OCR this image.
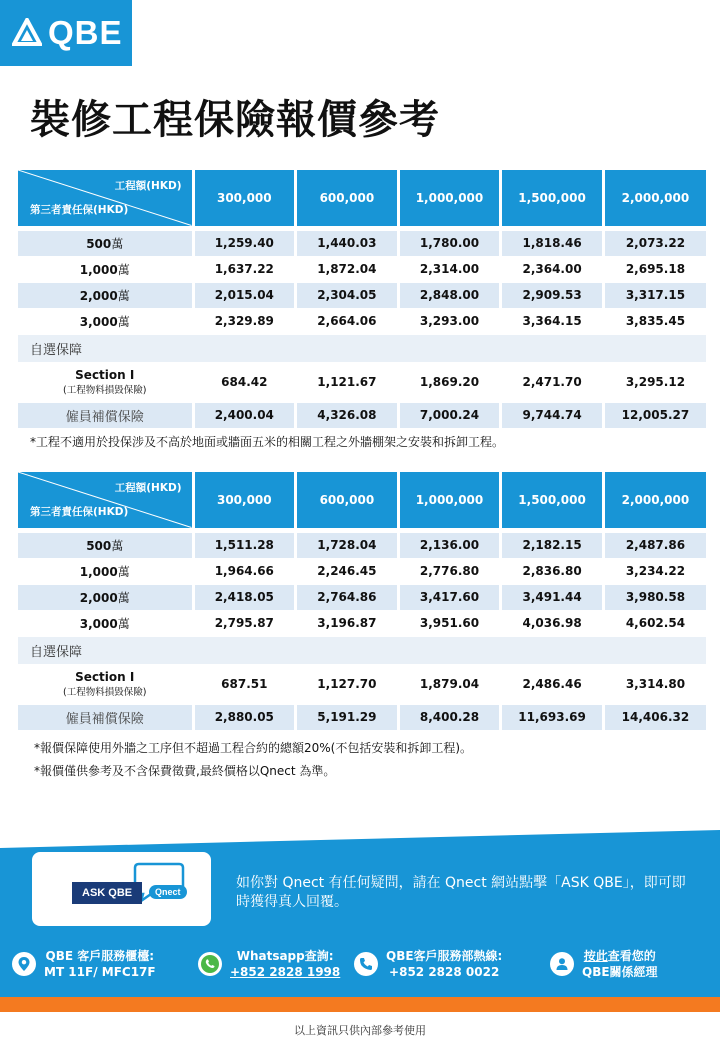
QBE
裝修工程保險報價參考
工程額(HKD)
第三者責任保(HKD)	300,000	600,000	1,000,000	1,500,000	2,000,000

500萬	1,259.40	1,440.03	1,780.00	1,818.46	2,073.22
1,000萬	1,637.22	1,872.04	2,314.00	2,364.00	2,695.18
2,000萬	2,015.04	2,304.05	2,848.00	2,909.53	3,317.15
3,000萬	2,329.89	2,664.06	3,293.00	3,364.15	3,835.45
自選保障					

Section I
(工程物料損毀保險)	684.42	1,121.67	1,869.20	2,471.70	3,295.12
僱員補償保險	2,400.04	4,326.08	7,000.24	9,744.74	12,005.27
*工程不適用於投保涉及不高於地面或牆面五米的相關工程之外牆棚架之安裝和拆卸工程。
工程額(HKD)
第三者責任保(HKD)	300,000	600,000	1,000,000	1,500,000	2,000,000

500萬	1,511.28	1,728.04	2,136.00	2,182.15	2,487.86
1,000萬	1,964.66	2,246.45	2,776.80	2,836.80	3,234.22
2,000萬	2,418.05	2,764.86	3,417.60	3,491.44	3,980.58
3,000萬	2,795.87	3,196.87	3,951.60	4,036.98	4,602.54
自選保障					

Section I
(工程物料損毀保險)	687.51	1,127.70	1,879.04	2,486.46	3,314.80
僱員補償保險	2,880.05	5,191.29	8,400.28	11,693.69	14,406.32
*報價保障使用外牆之工序但不超過工程合約的總額20%(不包括安裝和拆卸工程)。
*報價僅供參考及不含保費徵費,最終價格以Qnect 為準。
ASK QBE	Qnect
如你對 Qnect 有任何疑問，請在 Qnect 網站點擊「ASK QBE」，即可即時獲得真人回覆。
QBE 客戶服務櫃檯:
MT 11F/ MFC17F
Whatsapp查詢:
+852 2828 1998
QBE客戶服務部熱線:
+852 2828 0022
按此查看您的
QBE關係經理
以上資訊只供內部參考使用
